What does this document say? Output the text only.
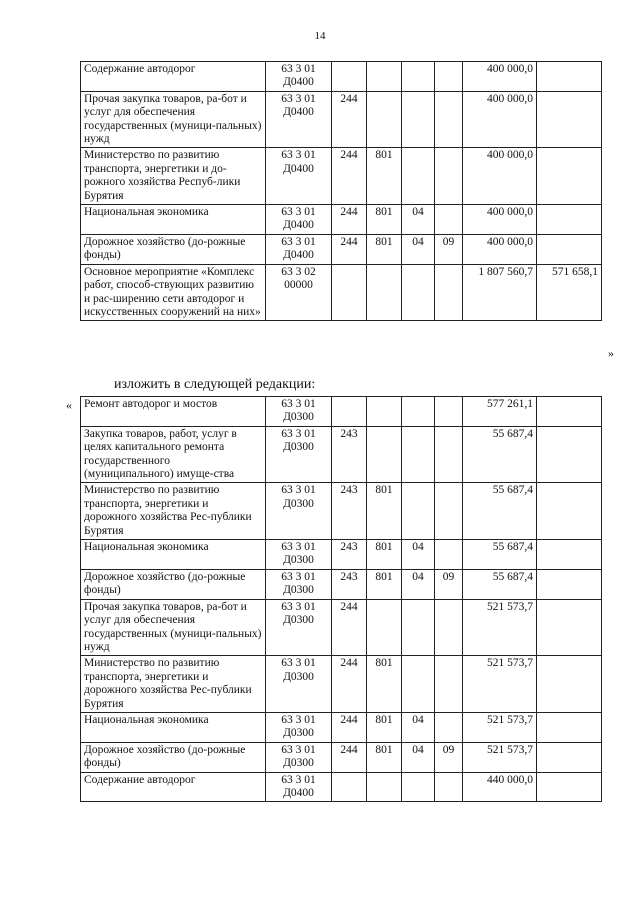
14
Содержание автодорог	63 3 01 Д0400					400 000,0	
Прочая закупка товаров, ра-бот и услуг для обеспечения государственных (муници-пальных) нужд	63 3 01 Д0400	244				400 000,0	
Министерство по развитию транспорта, энергетики и до-рожного хозяйства Респуб-лики Бурятия	63 3 01 Д0400	244	801			400 000,0	
Национальная экономика	63 3 01 Д0400	244	801	04		400 000,0	
Дорожное хозяйство (до-рожные фонды)	63 3 01 Д0400	244	801	04	09	400 000,0	
Основное мероприятие «Комплекс работ, способ-ствующих развитию и рас-ширению сети автодорог и искусственных сооружений на них»	63 3 02 00000					1 807 560,7	571 658,1
»
изложить в следующей редакции:
« Ремонт автодорог и мостов	63 3 01 Д0300					577 261,1	
Закупка товаров, работ, услуг в целях капитального ремонта государственного (муниципального) имуще-ства	63 3 01 Д0300	243				55 687,4	
Министерство по развитию транспорта, энергетики и дорожного хозяйства Рес-публики Бурятия	63 3 01 Д0300	243	801			55 687,4	
Национальная экономика	63 3 01 Д0300	243	801	04		55 687,4	
Дорожное хозяйство (до-рожные фонды)	63 3 01 Д0300	243	801	04	09	55 687,4	
Прочая закупка товаров, ра-бот и услуг для обеспечения государственных (муници-пальных) нужд	63 3 01 Д0300	244				521 573,7	
Министерство по развитию транспорта, энергетики и дорожного хозяйства Рес-публики Бурятия	63 3 01 Д0300	244	801			521 573,7	
Национальная экономика	63 3 01 Д0300	244	801	04		521 573,7	
Дорожное хозяйство (до-рожные фонды)	63 3 01 Д0300	244	801	04	09	521 573,7	
Содержание автодорог	63 3 01 Д0400					440 000,0	
